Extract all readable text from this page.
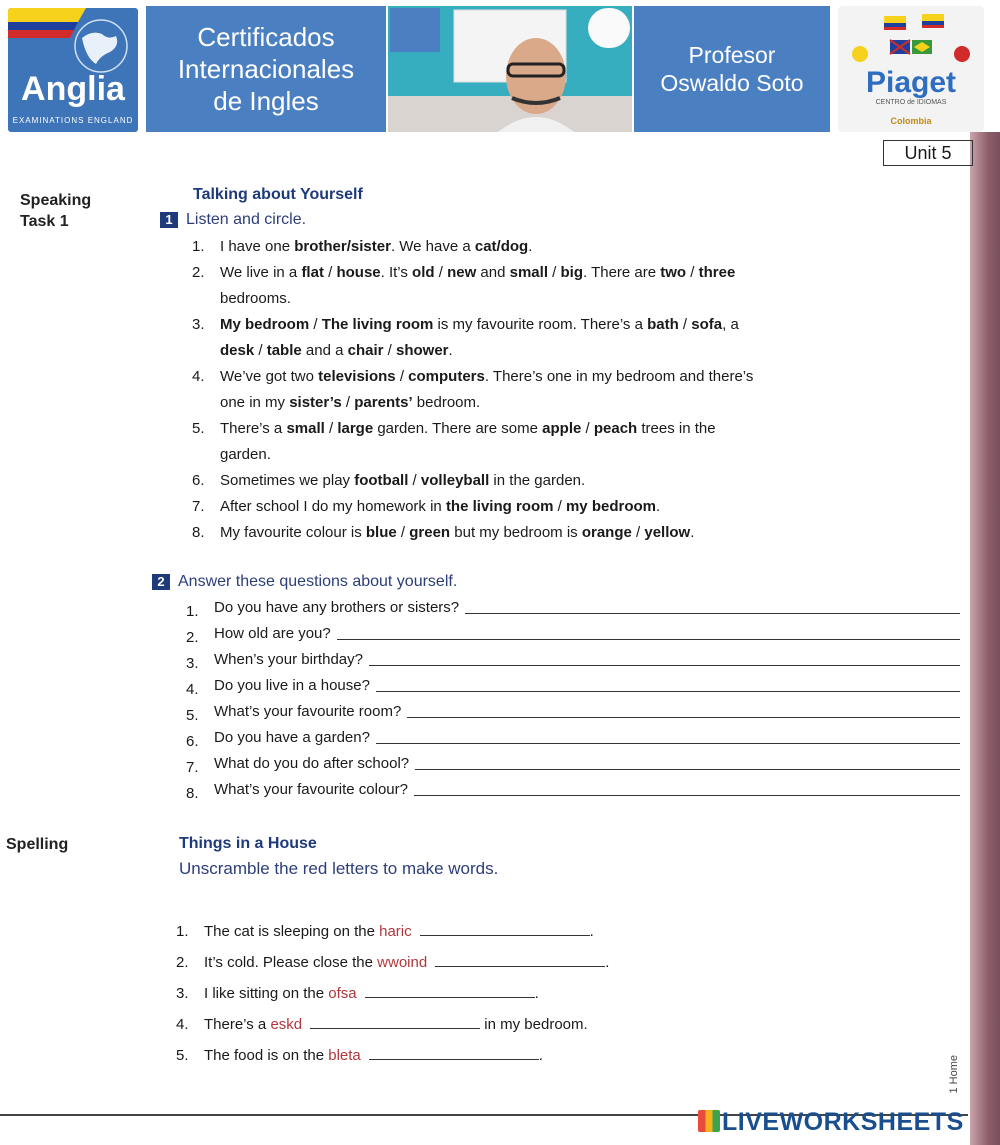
Anglia
EXAMINATIONS ENGLAND
Certificados Internacionales de Ingles
Profesor Oswaldo Soto	Piaget
CENTRO de IDIOMAS
Colombia
Unit 5
Speaking Task 1
Talking about Yourself
1 Listen and circle.
1.	I have one brother/sister. We have a cat/dog.
2.	We live in a flat / house. It’s old / new and small / big. There are two / three
bedrooms.
3.	My bedroom / The living room is my favourite room. There’s a bath / sofa, a
desk / table and a chair / shower.
4.	We’ve got two televisions / computers. There’s one in my bedroom and there’s
one in my sister’s / parents’ bedroom.
5.	There’s a small / large garden. There are some apple / peach trees in the
garden.
6.	Sometimes we play football / volleyball in the garden.
7.	After school I do my homework in the living room / my bedroom.
8.	My favourite colour is blue / green but my bedroom is orange / yellow.
2 Answer these questions about yourself.
1.	Do you have any brothers or sisters?
2.	How old are you?
3.	When’s your birthday?
4.	Do you live in a house?
5.	What’s your favourite room?
6.	Do you have a garden?
7.	What do you do after school?
8.	What’s your favourite colour?
Spelling	Things in a House
Unscramble the red letters to make words.
1. The cat is sleeping on the haric	.
2. It’s cold. Please close the wwoind	.
3. I like sitting on the ofsa	.
4. There’s a eskd	in my bedroom.
5. The food is on the bleta	.	1 Home
LIVEWORKSHEETS
